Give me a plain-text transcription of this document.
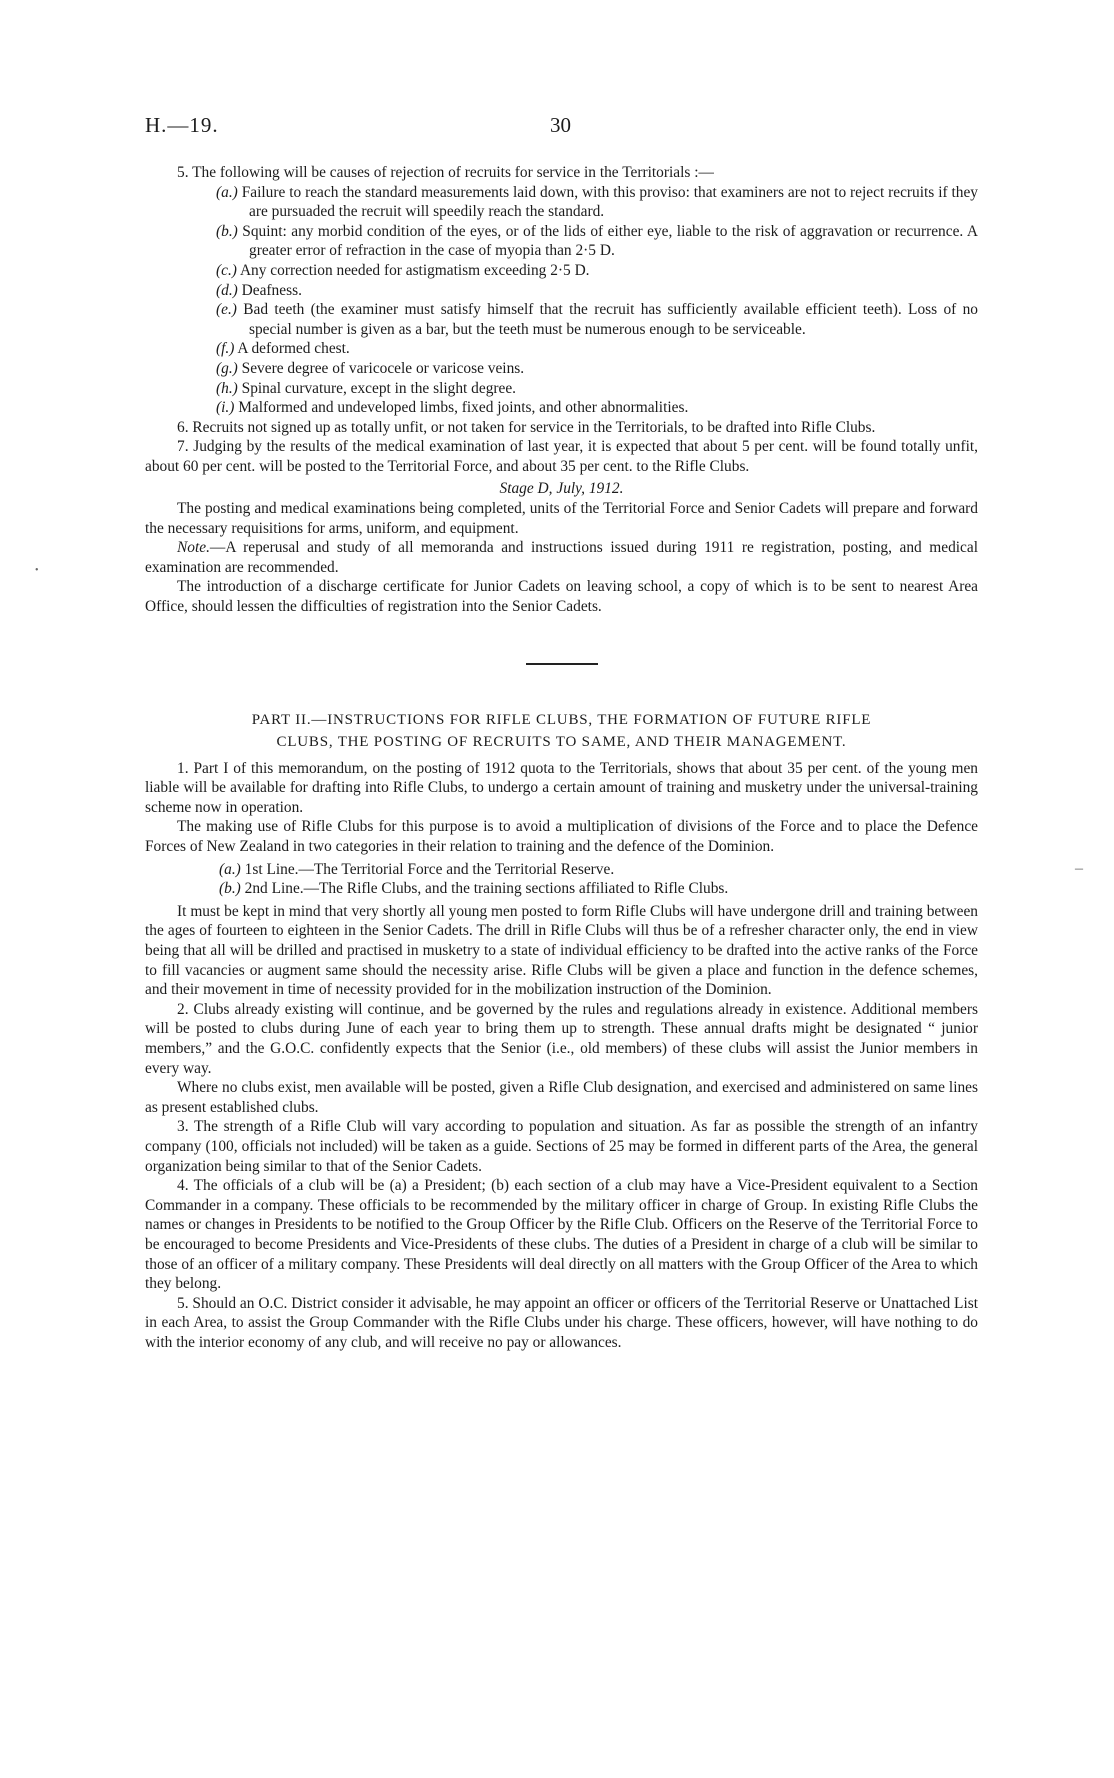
H.—19.	30

5. The following will be causes of rejection of recruits for service in the Territorials :—

(a.) Failure to reach the standard measurements laid down, with this proviso: that examiners are not to reject recruits if they are pursuaded the recruit will speedily reach the standard.
(b.) Squint: any morbid condition of the eyes, or of the lids of either eye, liable to the risk of aggravation or recurrence. A greater error of refraction in the case of myopia than 2·5 D.
(c.) Any correction needed for astigmatism exceeding 2·5 D.
(d.) Deafness.
(e.) Bad teeth (the examiner must satisfy himself that the recruit has sufficiently available efficient teeth). Loss of no special number is given as a bar, but the teeth must be numerous enough to be serviceable.
(f.) A deformed chest.
(g.) Severe degree of varicocele or varicose veins.
(h.) Spinal curvature, except in the slight degree.
(i.) Malformed and undeveloped limbs, fixed joints, and other abnormalities.

6. Recruits not signed up as totally unfit, or not taken for service in the Territorials, to be drafted into Rifle Clubs.

7. Judging by the results of the medical examination of last year, it is expected that about 5 per cent. will be found totally unfit, about 60 per cent. will be posted to the Territorial Force, and about 35 per cent. to the Rifle Clubs.

Stage D, July, 1912.

The posting and medical examinations being completed, units of the Territorial Force and Senior Cadets will prepare and forward the necessary requisitions for arms, uniform, and equipment.

Note.—A reperusal and study of all memoranda and instructions issued during 1911 re registration, posting, and medical examination are recommended.

The introduction of a discharge certificate for Junior Cadets on leaving school, a copy of which is to be sent to nearest Area Office, should lessen the difficulties of registration into the Senior Cadets.

PART II.—INSTRUCTIONS FOR RIFLE CLUBS, THE FORMATION OF FUTURE RIFLE
CLUBS, THE POSTING OF RECRUITS TO SAME, AND THEIR MANAGEMENT.

1. Part I of this memorandum, on the posting of 1912 quota to the Territorials, shows that about 35 per cent. of the young men liable will be available for drafting into Rifle Clubs, to undergo a certain amount of training and musketry under the universal-training scheme now in operation.

The making use of Rifle Clubs for this purpose is to avoid a multiplication of divisions of the Force and to place the Defence Forces of New Zealand in two categories in their relation to training and the defence of the Dominion.

(a.) 1st Line.—The Territorial Force and the Territorial Reserve.
(b.) 2nd Line.—The Rifle Clubs, and the training sections affiliated to Rifle Clubs.

It must be kept in mind that very shortly all young men posted to form Rifle Clubs will have undergone drill and training between the ages of fourteen to eighteen in the Senior Cadets. The drill in Rifle Clubs will thus be of a refresher character only, the end in view being that all will be drilled and practised in musketry to a state of individual efficiency to be drafted into the active ranks of the Force to fill vacancies or augment same should the necessity arise. Rifle Clubs will be given a place and function in the defence schemes, and their movement in time of necessity provided for in the mobilization instruction of the Dominion.

2. Clubs already existing will continue, and be governed by the rules and regulations already in existence. Additional members will be posted to clubs during June of each year to bring them up to strength. These annual drafts might be designated “ junior members,” and the G.O.C. confidently expects that the Senior (i.e., old members) of these clubs will assist the Junior members in every way.

Where no clubs exist, men available will be posted, given a Rifle Club designation, and exercised and administered on same lines as present established clubs.

3. The strength of a Rifle Club will vary according to population and situation. As far as possible the strength of an infantry company (100, officials not included) will be taken as a guide. Sections of 25 may be formed in different parts of the Area, the general organization being similar to that of the Senior Cadets.

4. The officials of a club will be (a) a President; (b) each section of a club may have a Vice-President equivalent to a Section Commander in a company. These officials to be recommended by the military officer in charge of Group. In existing Rifle Clubs the names or changes in Presidents to be notified to the Group Officer by the Rifle Club. Officers on the Reserve of the Territorial Force to be encouraged to become Presidents and Vice-Presidents of these clubs. The duties of a President in charge of a club will be similar to those of an officer of a military company. These Presidents will deal directly on all matters with the Group Officer of the Area to which they belong.

5. Should an O.C. District consider it advisable, he may appoint an officer or officers of the Territorial Reserve or Unattached List in each Area, to assist the Group Commander with the Rifle Clubs under his charge. These officers, however, will have nothing to do with the interior economy of any club, and will receive no pay or allowances.

–
•
